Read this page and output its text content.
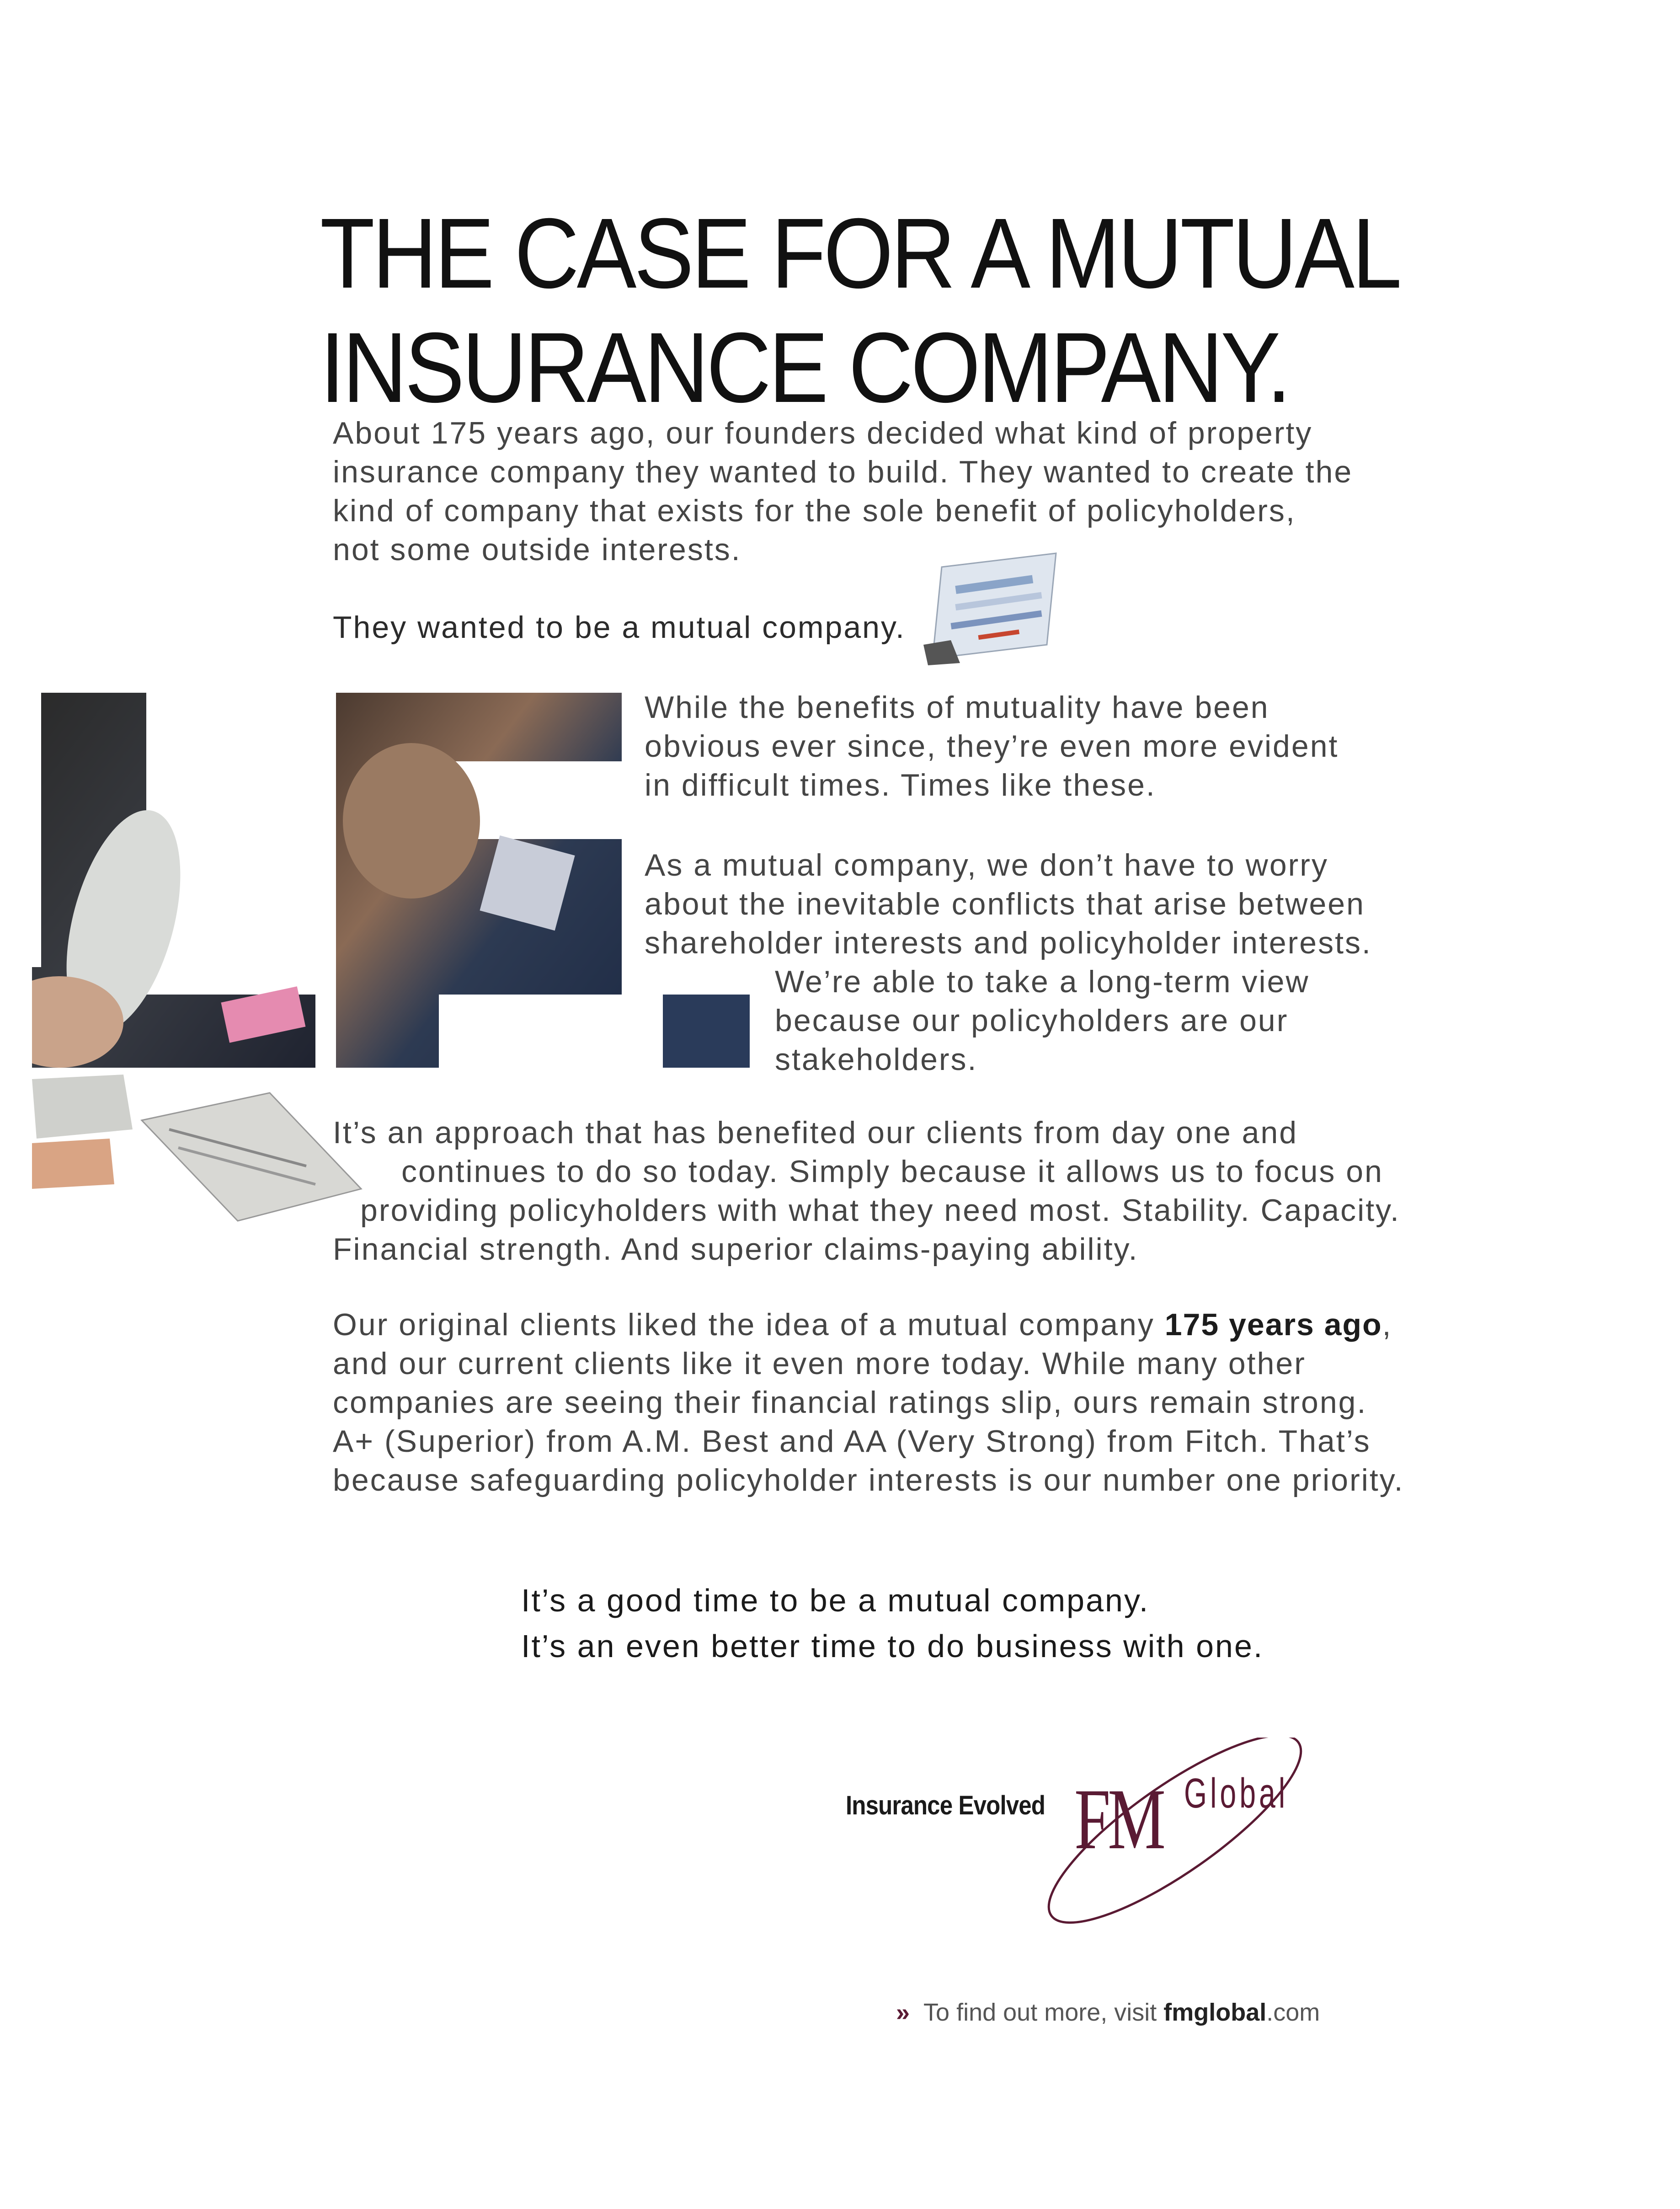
THE CASE FOR A MUTUAL
INSURANCE COMPANY.
About 175 years ago, our founders decided what kind of property
insurance company they wanted to build. They wanted to create the
kind of company that exists for the sole benefit of policyholders,
not some outside interests.
They wanted to be a mutual company.
While the benefits of mutuality have been
obvious ever since, they’re even more evident
in difficult times. Times like these.
As a mutual company, we don’t have to worry
about the inevitable conflicts that arise between
shareholder interests and policyholder interests.
We’re able to take a long-term view
because our policyholders are our
stakeholders.
It’s an approach that has benefited our clients from day one and
continues to do so today. Simply because it allows us to focus on
providing policyholders with what they need most. Stability. Capacity.
Financial strength. And superior claims-paying ability.
Our original clients liked the idea of a mutual company 175 years ago,
and our current clients like it even more today. While many other
companies are seeing their financial ratings slip, ours remain strong.
A+ (Superior) from A.M. Best and AA (Very Strong) from Fitch. That’s
because safeguarding policyholder interests is our number one priority.
It’s a good time to be a mutual company.
It’s an even better time to do business with one.
Insurance Evolved FM Global
» To find out more, visit fmglobal.com
